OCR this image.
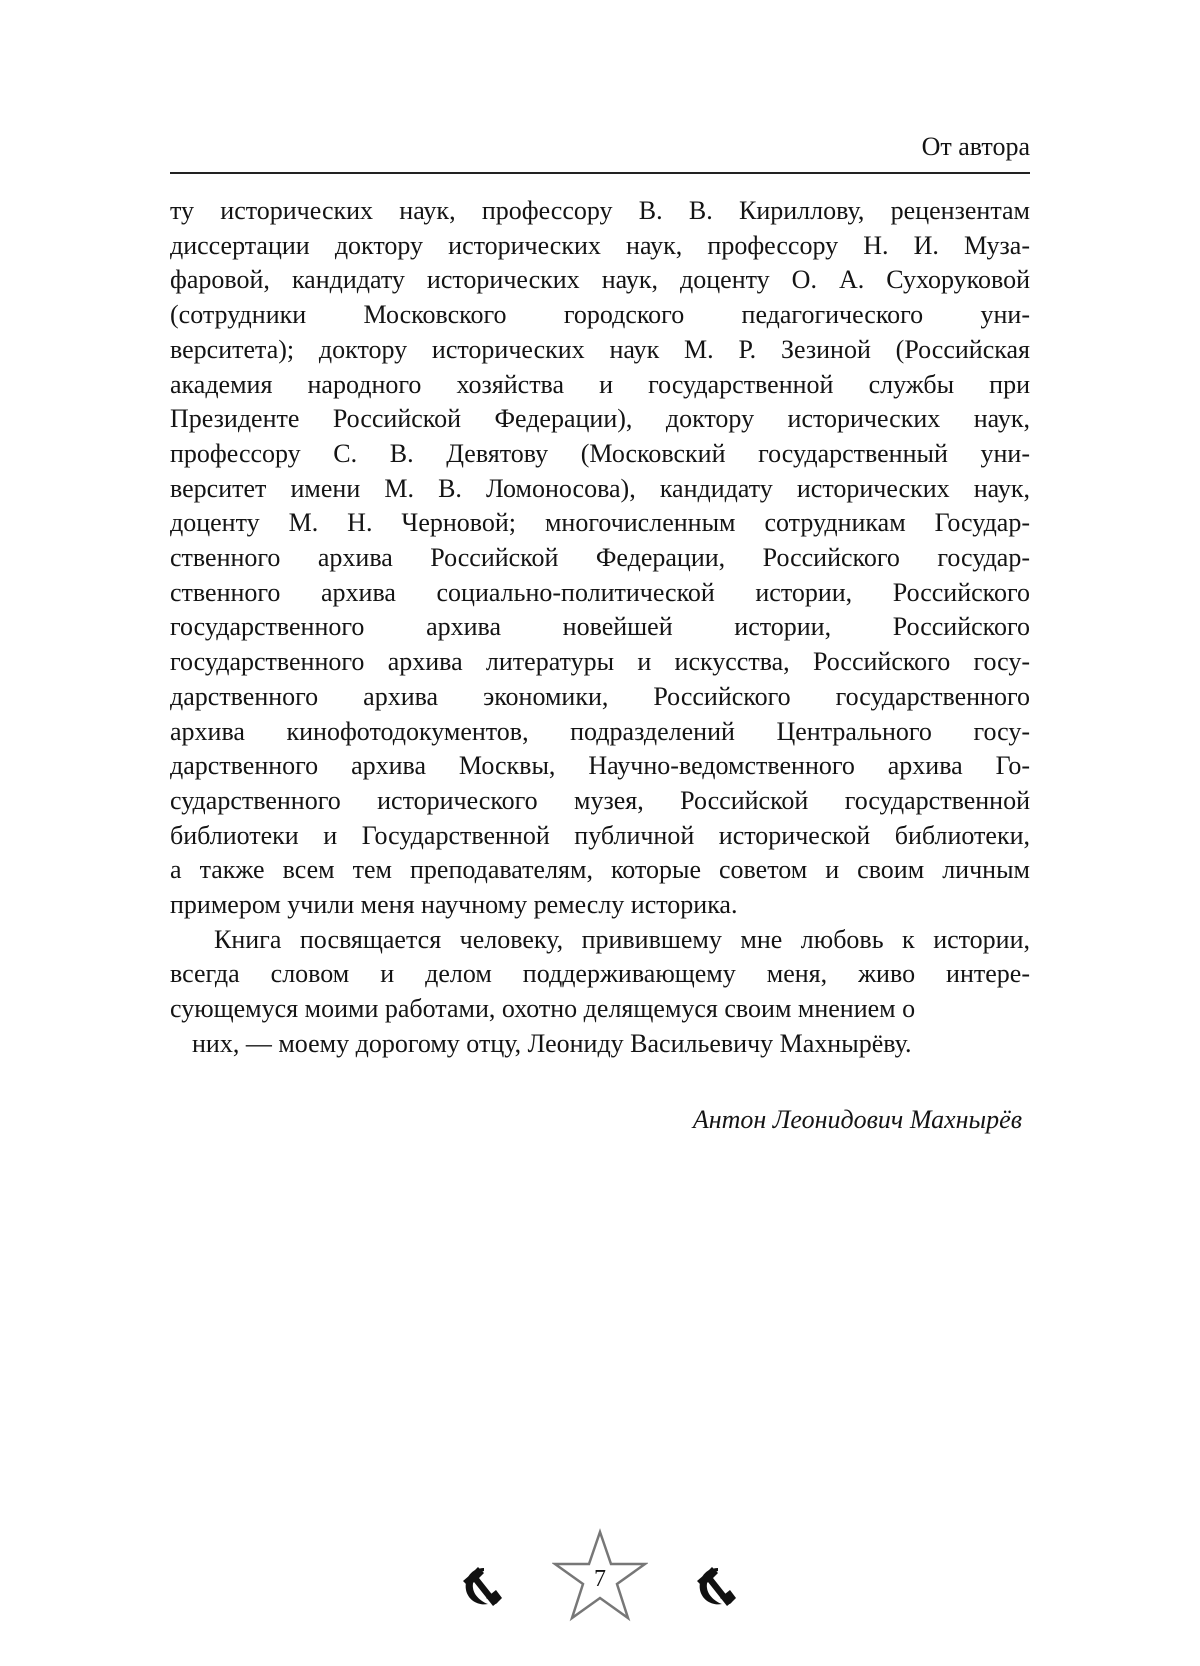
От автора

ту исторических наук, профессору В. В. Кириллову, рецензентам

диссертации доктору исторических наук, профессору Н. И. Муза-

фаровой, кандидату исторических наук, доценту О. А. Сухоруковой

(сотрудники Московского городского педагогического уни-

верситета); доктору исторических наук М. Р. Зезиной (Российская

академия народного хозяйства и государственной службы при

Президенте Российской Федерации), доктору исторических наук,

профессору С. В. Девятову (Московский государственный уни-

верситет имени М. В. Ломоносова), кандидату исторических наук,

доценту М. Н. Черновой; многочисленным сотрудникам Государ-

ственного архива Российской Федерации, Российского государ-

ственного архива социально-политической истории, Российского

государственного архива новейшей истории, Российского

государственного архива литературы и искусства, Российского госу-

дарственного архива экономики, Российского государственного

архива кинофотодокументов, подразделений Центрального госу-

дарственного архива Москвы, Научно-ведомственного архива Го-

сударственного исторического музея, Российской государственной

библиотеки и Государственной публичной исторической библиотеки,

а также всем тем преподавателям, которые советом и своим личным

примером учили меня научному ремеслу историка.

Книга посвящается человеку, привившему мне любовь к истории,

всегда словом и делом поддерживающему меня, живо интере-

сующемуся моими работами, охотно делящемуся своим мнением о

них, — моему дорогому отцу, Леониду Васильевичу Махнырёву.

Антон Леонидович Махнырёв
7
